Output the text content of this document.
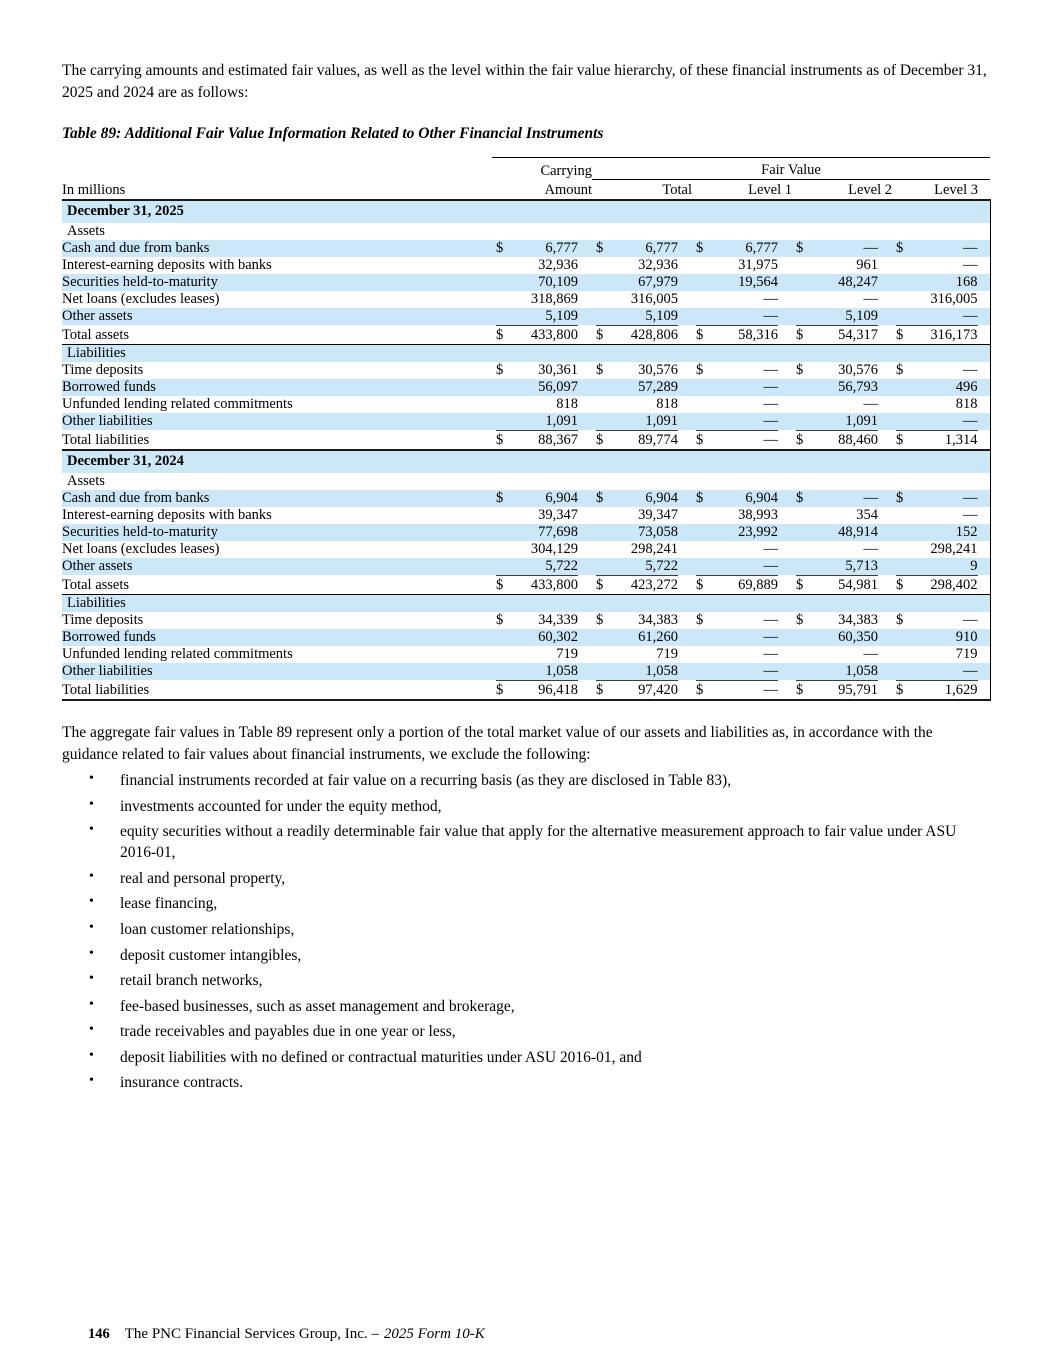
The carrying amounts and estimated fair values, as well as the level within the fair value hierarchy, of these financial instruments as of December 31, 2025 and 2024 are as follows:

Table 89: Additional Fair Value Information Related to Other Financial Instruments
	Carrying	Fair Value			
In millions	Amount	Total	Level 1	Level 2	Level 3
December 31, 2025					
Assets					
Cash and due from banks	$ 6,777	$ 6,777	$ 6,777	$ —	$ —

Interest-earning deposits with banks	32,936	32,936	31,975	961	—

Securities held-to-maturity	70,109	67,979	19,564	48,247	168

Net loans (excludes leases)	318,869	316,005	—	—	316,005

Other assets	5,109	5,109	—	5,109	—

Total assets	$ 433,800	$ 428,806	$ 58,316	$ 54,317	$ 316,173

Liabilities					
Time deposits	$ 30,361	$ 30,576	$ —	$ 30,576	$ —

Borrowed funds	56,097	57,289	—	56,793	496

Unfunded lending related commitments	818	818	—	—	818

Other liabilities	1,091	1,091	—	1,091	—

Total liabilities	$ 88,367	$ 89,774	$ —	$ 88,460	$ 1,314

December 31, 2024					
Assets					
Cash and due from banks	$ 6,904	$ 6,904	$ 6,904	$ —	$ —

Interest-earning deposits with banks	39,347	39,347	38,993	354	—

Securities held-to-maturity	77,698	73,058	23,992	48,914	152

Net loans (excludes leases)	304,129	298,241	—	—	298,241

Other assets	5,722	5,722	—	5,713	9

Total assets	$ 433,800	$ 423,272	$ 69,889	$ 54,981	$ 298,402

Liabilities					
Time deposits	$ 34,339	$ 34,383	$ —	$ 34,383	$ —

Borrowed funds	60,302	61,260	—	60,350	910

Unfunded lending related commitments	719	719	—	—	719

Other liabilities	1,058	1,058	—	1,058	—

Total liabilities	$ 96,418	$ 97,420	$ —	$ 95,791	$ 1,629

The aggregate fair values in Table 89 represent only a portion of the total market value of our assets and liabilities as, in accordance with the guidance related to fair values about financial instruments, we exclude the following:

• financial instruments recorded at fair value on a recurring basis (as they are disclosed in Table 83),
• investments accounted for under the equity method,
• equity securities without a readily determinable fair value that apply for the alternative measurement approach to fair value under ASU 2016-01,
• real and personal property,
• lease financing,
• loan customer relationships,
• deposit customer intangibles,
• retail branch networks,
• fee-based businesses, such as asset management and brokerage,
• trade receivables and payables due in one year or less,
• deposit liabilities with no defined or contractual maturities under ASU 2016-01, and
• insurance contracts.
146 The PNC Financial Services Group, Inc. – 2025 Form 10-K
